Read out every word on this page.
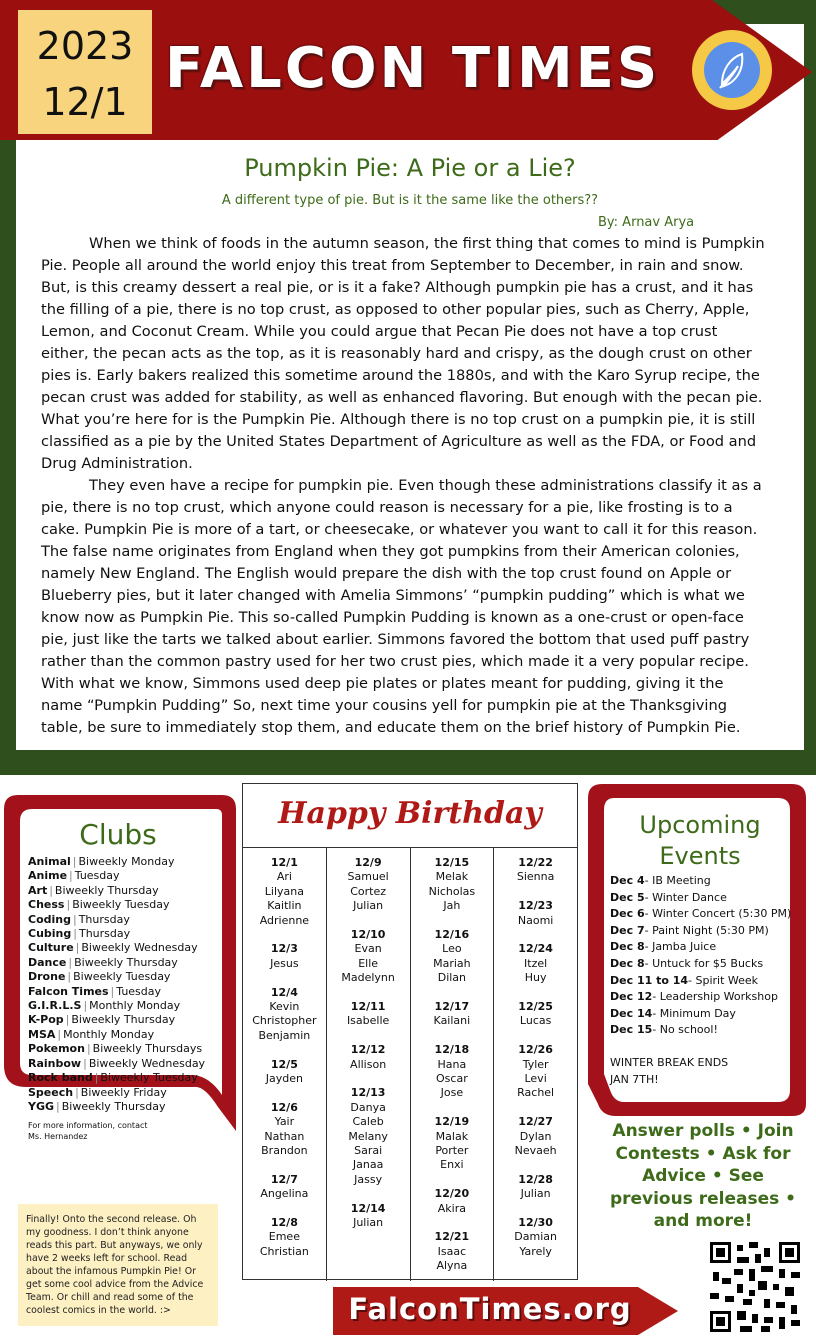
2023
12/1
FALCON TIMES
Pumpkin Pie: A Pie or a Lie?
A different type of pie. But is it the same like the others??
By: Arnav Arya

When we think of foods in the autumn season, the first thing that comes to mind is Pumpkin Pie. People all around the world enjoy this treat from September to December, in rain and snow. But, is this creamy dessert a real pie, or is it a fake? Although pumpkin pie has a crust, and it has the filling of a pie, there is no top crust, as opposed to other popular pies, such as Cherry, Apple, Lemon, and Coconut Cream. While you could argue that Pecan Pie does not have a top crust either, the pecan acts as the top, as it is reasonably hard and crispy, as the dough crust on other pies is. Early bakers realized this sometime around the 1880s, and with the Karo Syrup recipe, the pecan crust was added for stability, as well as enhanced flavoring. But enough with the pecan pie. What you’re here for is the Pumpkin Pie. Although there is no top crust on a pumpkin pie, it is still classified as a pie by the United States Department of Agriculture as well as the FDA, or Food and Drug Administration.

They even have a recipe for pumpkin pie. Even though these administrations classify it as a pie, there is no top crust, which anyone could reason is necessary for a pie, like frosting is to a cake. Pumpkin Pie is more of a tart, or cheesecake, or whatever you want to call it for this reason. The false name originates from England when they got pumpkins from their American colonies, namely New England. The English would prepare the dish with the top crust found on Apple or Blueberry pies, but it later changed with Amelia Simmons’ “pumpkin pudding” which is what we know now as Pumpkin Pie. This so-called Pumpkin Pudding is known as a one-crust or open-face pie, just like the tarts we talked about earlier. Simmons favored the bottom that used puff pastry rather than the common pastry used for her two crust pies, which made it a very popular recipe. With what we know, Simmons used deep pie plates or plates meant for pudding, giving it the name “Pumpkin Pudding” So, next time your cousins yell for pumpkin pie at the Thanksgiving table, be sure to immediately stop them, and educate them on the brief history of Pumpkin Pie.

Clubs
Animal | Biweekly Monday
Anime | Tuesday
Art | Biweekly Thursday
Chess | Biweekly Tuesday
Coding | Thursday
Cubing | Thursday
Culture | Biweekly Wednesday
Dance | Biweekly Thursday
Drone | Biweekly Tuesday
Falcon Times | Tuesday
G.I.R.L.S | Monthly Monday
K-Pop | Biweekly Thursday
MSA | Monthly Monday
Pokemon | Biweekly Thursdays
Rainbow | Biweekly Wednesday
Rock band | Biweekly Tuesday
Speech | Biweekly Friday
YGG | Biweekly Thursday
For more information, contact Ms. Hernandez
Finally! Onto the second release. Oh my goodness. I don’t think anyone reads this part. But anyways, we only have 2 weeks left for school. Read about the infamous Pumpkin Pie! Or get some cool advice from the Advice Team. Or chill and read some of the coolest comics in the world. :>
Happy Birthday
12/1
Ari
Lilyana
Kaitlin
Adrienne
12/3
Jesus
12/4
Kevin
Christopher
Benjamin
12/5
Jayden
12/6
Yair
Nathan
Brandon
12/7
Angelina
12/8
Emee
Christian
12/9
Samuel
Cortez
Julian
12/10
Evan
Elle
Madelynn
12/11
Isabelle
12/12
Allison
12/13
Danya
Caleb
Melany
Sarai
Janaa
Jassy
12/14
Julian
12/15
Melak
Nicholas
Jah
12/16
Leo
Mariah
Dilan
12/17
Kailani
12/18
Hana
Oscar
Jose
12/19
Malak
Porter
Enxi
12/20
Akira
12/21
Isaac
Alyna
12/22
Sienna
12/23
Naomi
12/24
Itzel
Huy
12/25
Lucas
12/26
Tyler
Levi
Rachel
12/27
Dylan
Nevaeh
12/28
Julian
12/30
Damian
Yarely
Upcoming
Events
Dec 4- IB Meeting
Dec 5- Winter Dance
Dec 6- Winter Concert (5:30 PM)
Dec 7- Paint Night (5:30 PM)
Dec 8- Jamba Juice
Dec 8- Untuck for $5 Bucks
Dec 11 to 14- Spirit Week
Dec 12- Leadership Workshop
Dec 14- Minimum Day
Dec 15- No school!
WINTER BREAK ENDS
JAN 7TH!
Answer polls • Join Contests • Ask for Advice • See previous releases • and more!
FalconTimes.org
